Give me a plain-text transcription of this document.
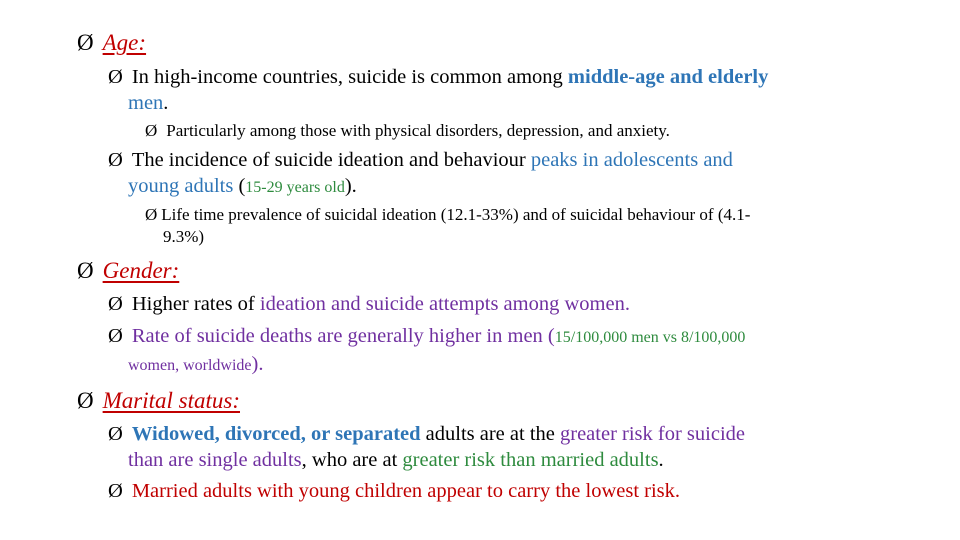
Ø Age:
Ø In high-income countries, suicide is common among middle-age and elderly
men.
Ø Particularly among those with physical disorders, depression, and anxiety.
Ø The incidence of suicide ideation and behaviour peaks in adolescents and
young adults (15-29 years old).
Ø Life time prevalence of suicidal ideation (12.1-33%) and of suicidal behaviour of (4.1-
9.3%)
Ø Gender:
Ø Higher rates of ideation and suicide attempts among women.
Ø Rate of suicide deaths are generally higher in men (15/100,000 men vs 8/100,000
women, worldwide).
Ø Marital status:
Ø Widowed, divorced, or separated adults are at the greater risk for suicide
than are single adults, who are at greater risk than married adults.
Ø Married adults with young children appear to carry the lowest risk.
